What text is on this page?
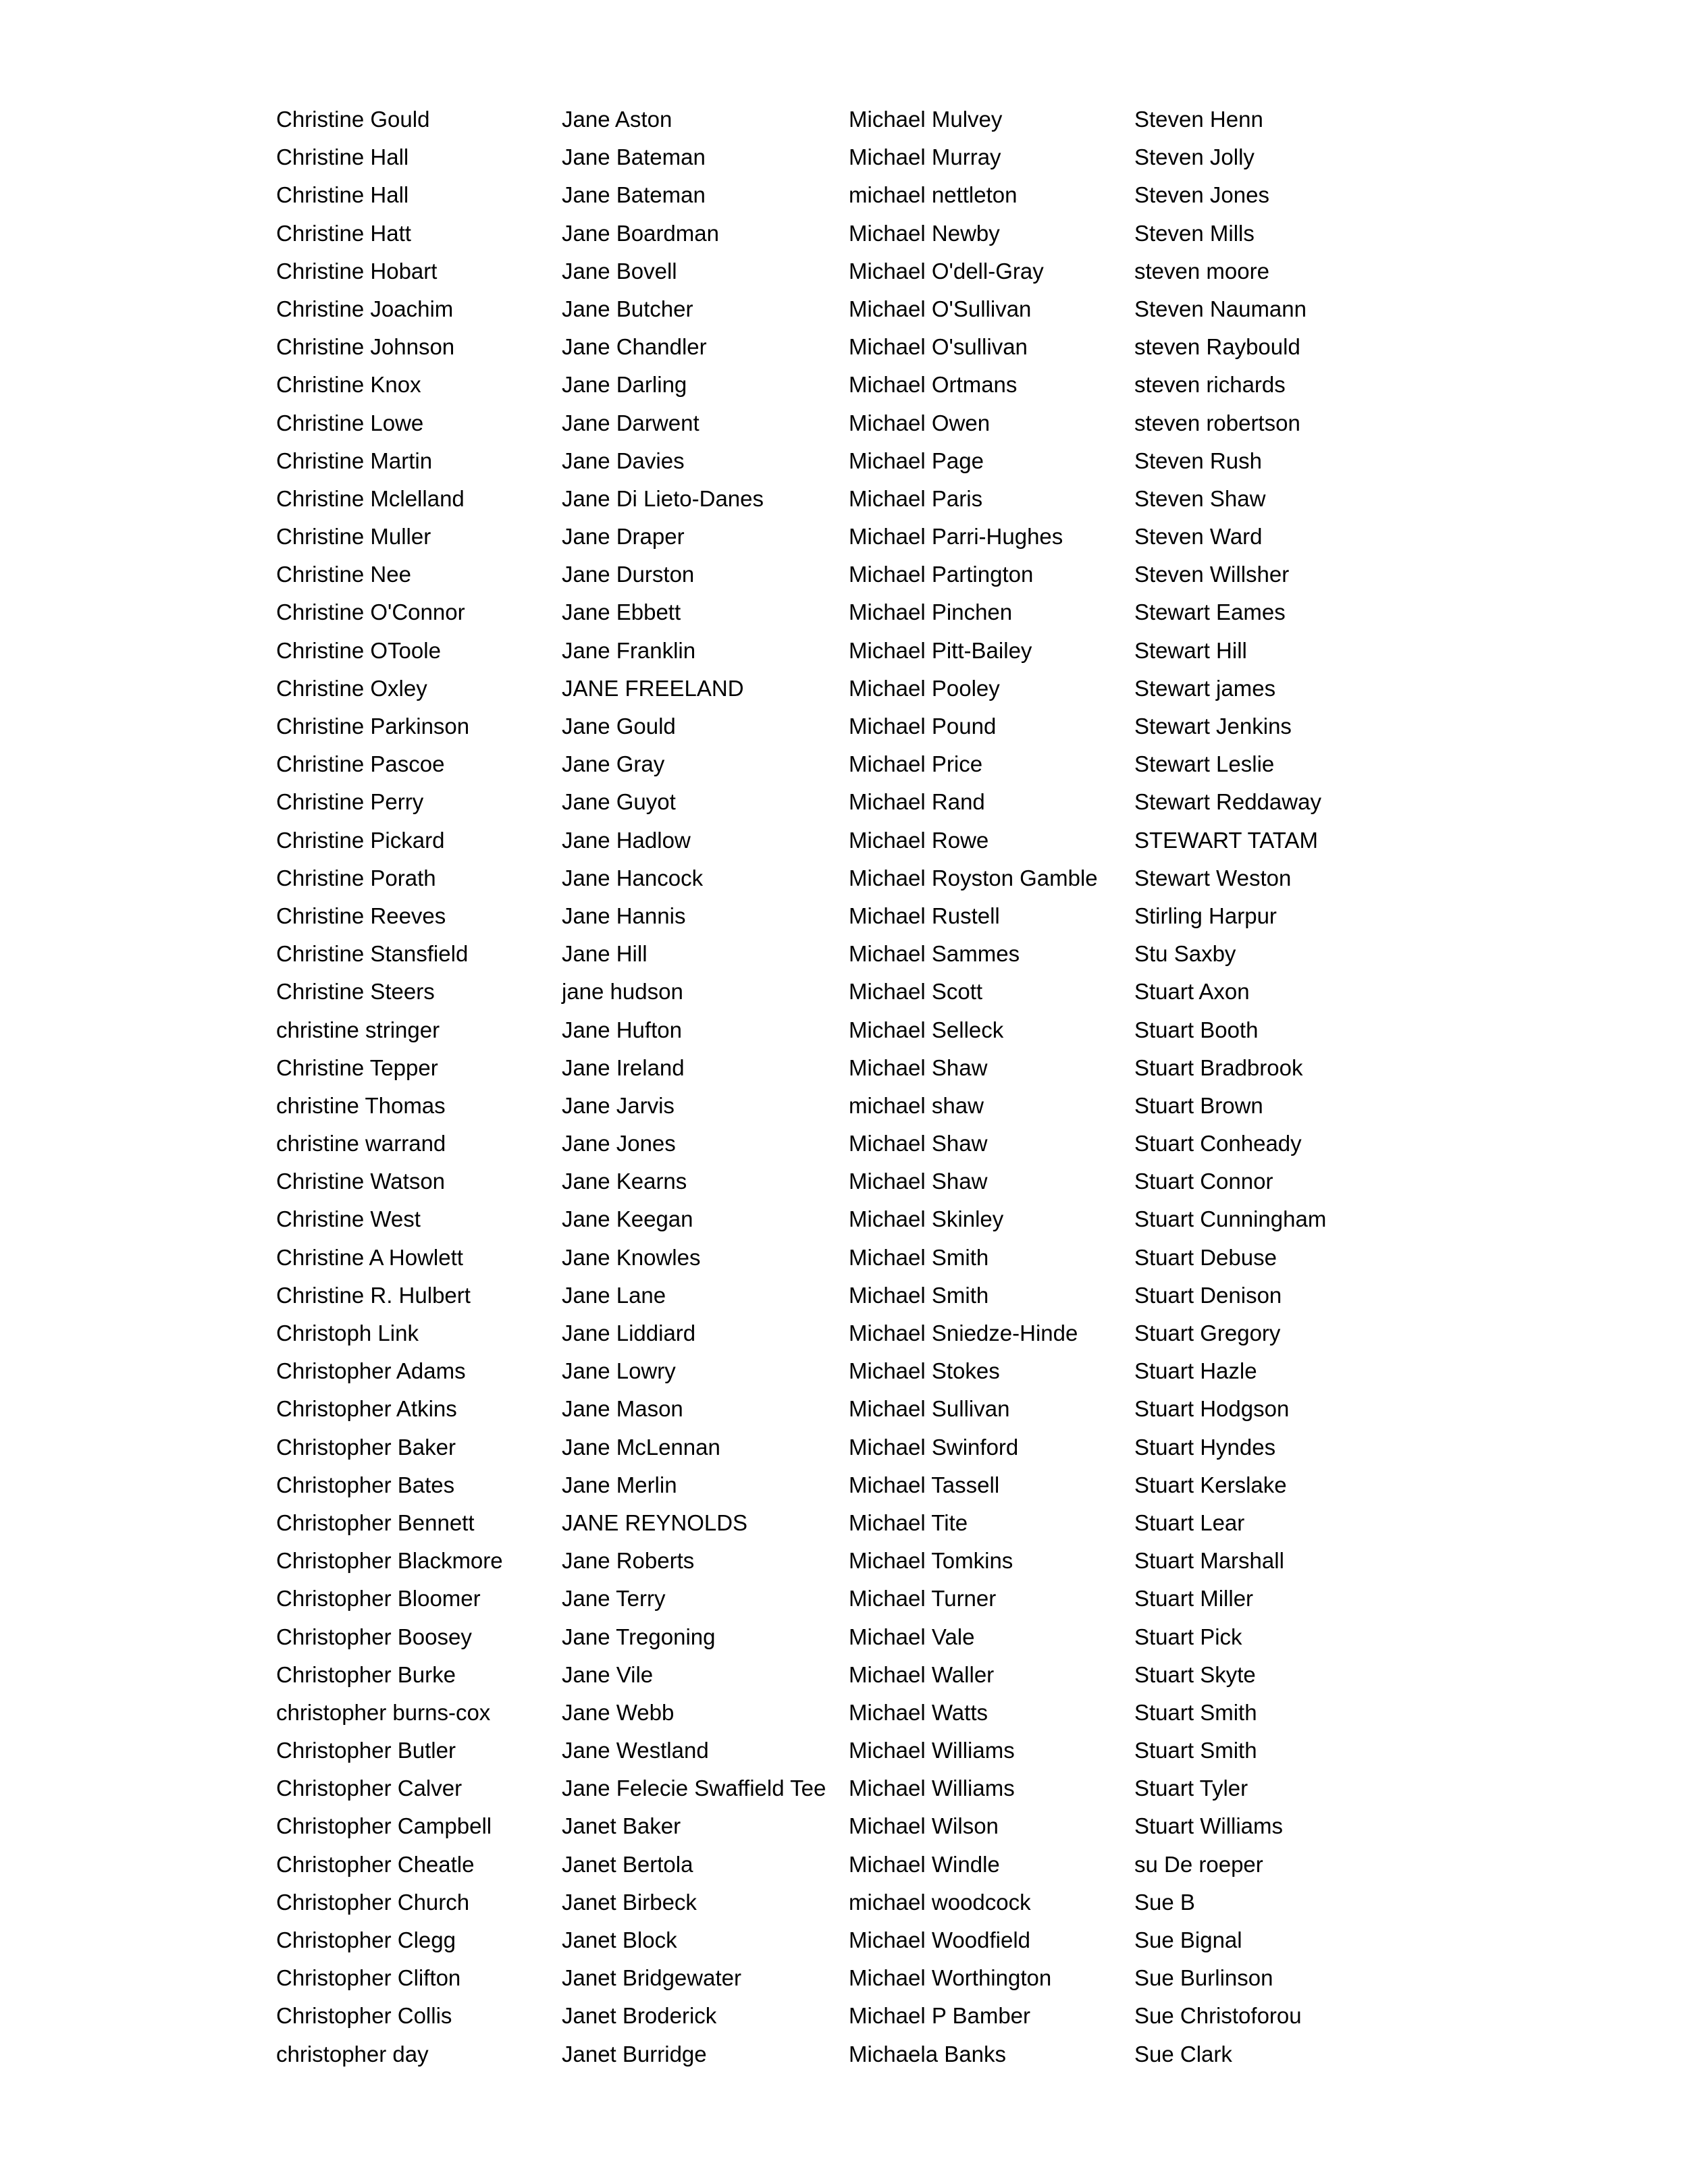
Christine Gould
Christine Hall
Christine Hall
Christine Hatt
Christine Hobart
Christine Joachim
Christine Johnson
Christine Knox
Christine Lowe
Christine Martin
Christine Mclelland
Christine Muller
Christine Nee
Christine O'Connor
Christine OToole
Christine Oxley
Christine Parkinson
Christine Pascoe
Christine Perry
Christine Pickard
Christine Porath
Christine Reeves
Christine Stansfield
Christine Steers
christine stringer
Christine Tepper
christine Thomas
christine warrand
Christine Watson
Christine West
Christine A Howlett
Christine R. Hulbert
Christoph Link
Christopher Adams
Christopher Atkins
Christopher Baker
Christopher Bates
Christopher Bennett
Christopher Blackmore
Christopher Bloomer
Christopher Boosey
Christopher Burke
christopher burns-cox
Christopher Butler
Christopher Calver
Christopher Campbell
Christopher Cheatle
Christopher Church
Christopher Clegg
Christopher Clifton
Christopher Collis
christopher day
Jane Aston
Jane Bateman
Jane Bateman
Jane Boardman
Jane Bovell
Jane Butcher
Jane Chandler
Jane Darling
Jane Darwent
Jane Davies
Jane Di Lieto-Danes
Jane Draper
Jane Durston
Jane Ebbett
Jane Franklin
JANE FREELAND
Jane Gould
Jane Gray
Jane Guyot
Jane Hadlow
Jane Hancock
Jane Hannis
Jane Hill
jane hudson
Jane Hufton
Jane Ireland
Jane Jarvis
Jane Jones
Jane Kearns
Jane Keegan
Jane Knowles
Jane Lane
Jane Liddiard
Jane Lowry
Jane Mason
Jane McLennan
Jane Merlin
JANE REYNOLDS
Jane Roberts
Jane Terry
Jane Tregoning
Jane Vile
Jane Webb
Jane Westland
Jane Felecie Swaffield Tee
Janet Baker
Janet Bertola
Janet Birbeck
Janet Block
Janet Bridgewater
Janet Broderick
Janet Burridge
Michael Mulvey
Michael Murray
michael nettleton
Michael Newby
Michael O'dell-Gray
Michael O'Sullivan
Michael O'sullivan
Michael Ortmans
Michael Owen
Michael Page
Michael Paris
Michael Parri-Hughes
Michael Partington
Michael Pinchen
Michael Pitt-Bailey
Michael Pooley
Michael Pound
Michael Price
Michael Rand
Michael Rowe
Michael Royston Gamble
Michael Rustell
Michael Sammes
Michael Scott
Michael Selleck
Michael Shaw
michael shaw
Michael Shaw
Michael Shaw
Michael Skinley
Michael Smith
Michael Smith
Michael Sniedze-Hinde
Michael Stokes
Michael Sullivan
Michael Swinford
Michael Tassell
Michael Tite
Michael Tomkins
Michael Turner
Michael Vale
Michael Waller
Michael Watts
Michael Williams
Michael Williams
Michael Wilson
Michael Windle
michael woodcock
Michael Woodfield
Michael Worthington
Michael P Bamber
Michaela Banks
Steven Henn
Steven Jolly
Steven Jones
Steven Mills
steven moore
Steven Naumann
steven Raybould
steven richards
steven robertson
Steven Rush
Steven Shaw
Steven Ward
Steven Willsher
Stewart Eames
Stewart Hill
Stewart james
Stewart Jenkins
Stewart Leslie
Stewart Reddaway
STEWART TATAM
Stewart Weston
Stirling Harpur
Stu Saxby
Stuart Axon
Stuart Booth
Stuart Bradbrook
Stuart Brown
Stuart Conheady
Stuart Connor
Stuart Cunningham
Stuart Debuse
Stuart Denison
Stuart Gregory
Stuart Hazle
Stuart Hodgson
Stuart Hyndes
Stuart Kerslake
Stuart Lear
Stuart Marshall
Stuart Miller
Stuart Pick
Stuart Skyte
Stuart Smith
Stuart Smith
Stuart Tyler
Stuart Williams
su De roeper
Sue B
Sue Bignal
Sue Burlinson
Sue Christoforou
Sue Clark
